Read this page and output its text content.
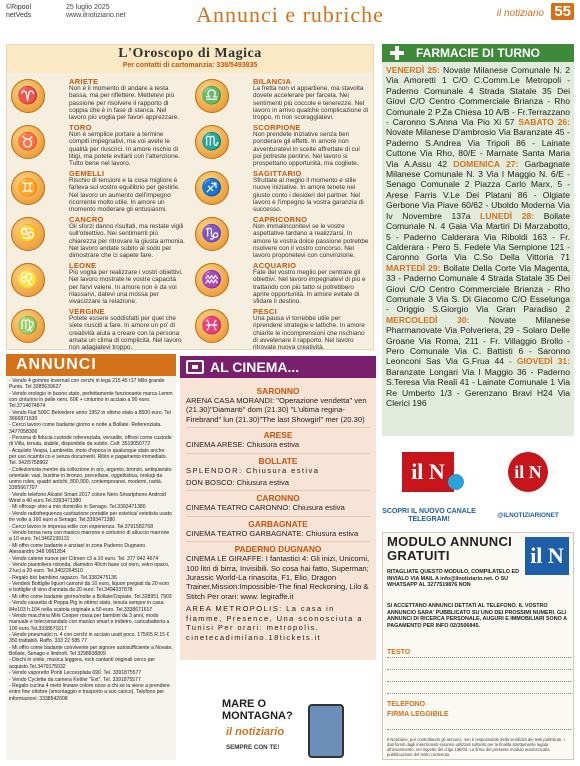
©Ripool
netVeds
25 luglio 2025
www.ilnotiziario.net	Annunci e rubriche	il notiziario 55
L'Oroscopo di Magica
Per contatti di cartomanzia: 338/5493835
♈
ARIETE
Non è il momento di andare a testa bassa, ma per riflettere. Mettetevi più passione per risolvere il rapporto di coppia che è in fase di stanca. Nel lavoro più voglia per favori apprezzare.
♎
BILANCIA
La fretta non vi appartiene, ma stavolta dovete accelerare per farcela. Nei sentimenti più coccole e tenerezze. Nel lavoro in arrivo qualche complicazione di troppo, m non scoraggiatevi.
♉
TORO
Non è semplice portare a termine compiti impegnativi, ma voi avete le qualità per riuscirci. In amore rischio di litigi, ma potete evitarli con l'attenzione. Tutto bene nel lavoro.
♏
SCORPIONE
Non prendete iniziative senza ben ponderare gli effetti. In amore non avventuratevi in scelte affrettate di cui poi potreste pentirvi. Nel lavoro si prospettano opportunità, ma cogliete.
♊
GEMELLI
Rischio di tensioni e la cosa migliore è farleva sul vostro equilibrio per gestirle. Nel lavoro un aumento dell'impegno ricorrente molto utile. In amore un momento moderare gli entusiasmi.
♐
SAGITTARIO
Sfruttate al meglio il momento e stile nuove iniziative. In amore tenete nei giusto conto i desideri del partner. Nel lavoro è l'impegno la vostra garanzia di successo.
♋
CANCRO
Gli sforzi danno risultati, ma restate vigili sull'obiettivo. Nei sentimenti più chiarezza per ritrovare la giusta armonia. Nel lavoro andate subito al sodo per dimostrare che ci sapete fare.
♑
CAPRICORNO
Non immalinconitevi se le vostre aspettative tardano a realizzarsi. In amore la vostra dolce passione potrebbe risolvere con il vostro concorso. Nel lavoro proponetevi con convinzione.
♌
LEONE
Più voglia per realizzare i vostri obiettivi. Nel lavoro mostrate le vostre capacità per farvi valere. In amore non è da voi rilassarvi, datevi una mossa per vivacizzare la relazione.
♒
ACQUARIO
Fate del vostro meglio per centrare gli obiettivi. Nel lavoro impegnatevi di più e trattando con più tatto si potrebbero aprire opportunità. In amore evitate di sfidare il destino.
♍
VERGINE
Potete essere soddisfatti per quel che siete riusciti a fare. In amore un po' di creatività aiuta a creare con la persona amata un clima di complicità. Nel lavoro non adagiatevi troppo.
♓
PESCI
Una pausa vi torrebbe utile per riprendere strategie e tattiche. In amore chiarite le incomprensioni che rischiano di avvelenare il rapporto. Nel lavoro ritrovate nuova creatività.
FARMACIE DI TURNO
VENERDÌ 25: Novate Milanese Comunale N. 2 Via Amoretti 1 C/O C.Comm.Le Metropoli - Paderno Comunale 4 Strada Statale 35 Dei Giovi C/O Centro Commerciale Brianza - Rho Comunale 2 P.Za Chiesa 10 A/B - Fr.Terrazzano - Caronno S.Anna Via Pio Xi 57 SABATO 26: Novate Milanese D'ambrosio Via Baranzate 45 - Paderno S.Andrea Via Tripoli 86 - Lainate Cuttone Via Rho, 80/E - Marnate Santa Maria Via A.Assu 42 DOMENICA 27: Garbagnate Milanese Comunale N. 3 Via I Maggio N. 6/E - Senago Comunale 2 Piazza Carlo Marx, 5 - Arese Farris V.Le Dei Platani 86 - Olgiate Gerbone Via Piave 60/62 - Uboldo Moderna Via Iv Novembre 137a LUNEDÌ 28: Bollate Comunale N. 4 Gaia Via Martiri Di Marzabotto, 5 - Paderno Calderara Via Riboldi 163 - Fr. Calderara - Pero S. Fedele Via Sempione 121 - Caronno Gorla Via C.So Della Vittoria 71 MARTEDÌ 29: Bollate Della Corte Via Magenta, 33 - Paderno Comunale 4 Strada Statale 35 Dei Giovi C/O Centro Commerciale Brianza - Rho Comunale 3 Via S. Di Giacomo C/O Esselunga - Origgio S.Giorgio Via Gran Paradiso 2 MERCOLEDÌ 30: Novate Milanese Pharmanovate Via Polveriera, 29 - Solaro Delle Groane Via Roma, 211 - Fr. Villaggio Brollo - Pero Comunale Via C. Battisti 6 - Saronno Leonconi Sas Via G.Frua 44 - GIOVEDÌ 31: Baranzate Longari Via I Maggio 36 - Paderno S.Teresa Via Reali 41 - Lainate Comunale 1 Via Re Umberto 1/3 - Gerenzano Bravi H24 Via Clerici 196
ANNUNCI

- Vendo 4 gomme invernali con cerchi in lega 215 45 r17 Milo grande Punto. Tel 3385639627

- Vendo orologio in buono stato, perfettamente funzionante marca Lemm con cinturino in pelle nero, 60€ + cinturino in acciaio a 90 euro. Tel.3714674874

- Vendo Fiat 500C Belvedere anno 1952 in ottimo stato a 8500 euro. Tel 3666871630

- Cerco lavoro come badante giorno e notte a Bollate. Referenziata. 3477058306

- Persona di fiducia custode referenziata, versatile, offresi come custode di Villa, tenuta, stabile, disponibile da subito. Cell: 3519050772

- Acquisto Vespa, Lambretta, moto d'epoca in qualunque stato anche per uso ricambi co e senza documenti. Ritiro e pagamento immediato. Tel. 342/5758902

- Collezionista mentre da collezione in oro, argento, bronzo, antiquariato orientale: vasi, bustine in bronzo, porcellane, oggettistica, orologi da uomo rolex, quadri antichi, 800,900, contemporanei, moderni, rarità. 3395667707

- Vendo telefono Alcatel Smart 2017 colore Nero Smartphone Android Wind a 40 euro.Tel.3393471380

- Mi offrospr stiro a mio domicilio in Senago. Tel.3393471380

- Vendo radiofrequenza cavitazione portatile per estetica/ estetista usato tre volte a 160 euro a Senago. Tel.3393471380

- Cerco lavoro in impresa edile con esperienza. Tel.3791582768

- Vendo borsa nera con manico marrone e cinturino di alluccio marrone a 10 euro. Tel.3462199131

- Mi offro come badante e anziani in zona Paderno Dugnano. Alessandro 348 0961854

- Vendo catene nuove per Citroen c3 a 10 euro. Tel. 377 942 4674

- Vendo piantoliera rotonda, diametro 40cm base col nero, vetro opaco, 2 luci a 20 euro. Tel.3402264510

- Regalo bici bambino ragazzo. Tel.3382475136

- Vendesi Bottiglie liquori carrarvi da 10 euro, liquori pregiati da 20 euro e bottiglie di vino d'annata da 20 euro. Tel.3494337878

- Mi offro come badante giorno/notte a Bollate/Ospiate. Tel.328951 7903

- Vendo cassetta di Peppa Pig in ottimo stato, tenuta sempre in casa: 84x103 h.104 nella scatola originale a 50 euro. Tel.3338671617

- Vendo macchina Mini Cooper rossa per bambini da 3 anni, modo manuale e telecomandato con manico smart e indietro, caricabatteria a 100 euro.Tel.3338671617

- Vendo pneumatici n. 4 con cerchi in acciaio usati poco. 175/65 R.15 € 350 trattabili. Raffo. 333 22 585 77

- Mi offro come badante convivente per signore autosufficiente a Novate, Bollate, Senago e limitrofi. Tel 3298838809

- Dischi in vinile, musica leggera, rock cantanti originali cerco per acquisto.Tel.3479175032

- Vendo vaporetto Ponti Leccesplata 690. Tel. 3391875577

- Vendo Cyclette da camera Kettler "Ext". Tel. 3391875577

- Regalo cucina 4 metri lineare colore noce a chi se la viene a prendere entro fine ottobre (smontaggio e trasporto a suo carico). Telefono per informazioni: 3338542008

AL CINEMA...
SARONNO
ARENA CASA MORANDI: "Operazione vendetta" ven (21.30)"Diamanti" dom (21.30) "L'ultima regina-Firebrand" lun (21.30)"The last Showgirl" mer (20.30)
ARESE
CINEMA ARESE: Chiusura estiva
BOLLATE
SPLENDOR: Chiusura estiva
DON BOSCO: Chiusura estiva
CARONNO
CINEMA TEATRO CARONNO: Chiusura estiva
GARBAGNATE
CINEMA TEATRO GARBAGNATE: Chiusura estiva
PADERNO DUGNANO
CINEMA LE GIRAFFE: I fantastici 4: Gli inizi, Unicorni, 100 litri di birra, Invisibili. So cosa hai fatto, Superman; Jurassic World-La rinascita, F1, Elio, Dragon Trainer,Mission:Impossible-The final Reckoning, Lilo & Stitch Per orari: www. legiraffe.it
AREA METROPOLIS: La casa in fiamme, Presence, Una sconosciuta a Tunisi Per orari: metropolis. cinetecadimilano.18tickets.it
MARE O
MONTAGNA?
il notiziario
SEMPRE CON TE!
il N
SCOPRI IL NUOVO CANALE TELEGRAM!
il N
@ILNOTIZIARIONET
MODULO ANNUNCI GRATUITI	il N
RITAGLIATE QUESTO MODULO, COMPILATELO ED INVIALO VIA MAIL A info@ilnotiziario.net. O SU WHATSAPP AL 3277519876 NON
SI ACCETTANO ANNUNCI DETTATI AL TELEFONO. IL VOSTRO ANNUNCIO SARA' PUBBLICATO SU UNO DEI PROSSIMI NUMERI. GLI ANNUNCI DI RICERCA PERSONALE, AUGURI E IMMOBILIARI SONO A PAGAMENTO PER INFO 02/3506845.
TESTO
TELEFONO
FIRMA LEGGIBILE
Il Notiziario, pur controllando gli annunci, non è responsabile della veridicità dei testi pubblicati. I dati forniti dagli inserzionisti saranno utilizzati soltanto per la finalità strettamente legata all'inserimento, nel rispetto del d.lgs 196/03. La firma del presente modulo autorizza alla pubblicazione del testo contenuto.
